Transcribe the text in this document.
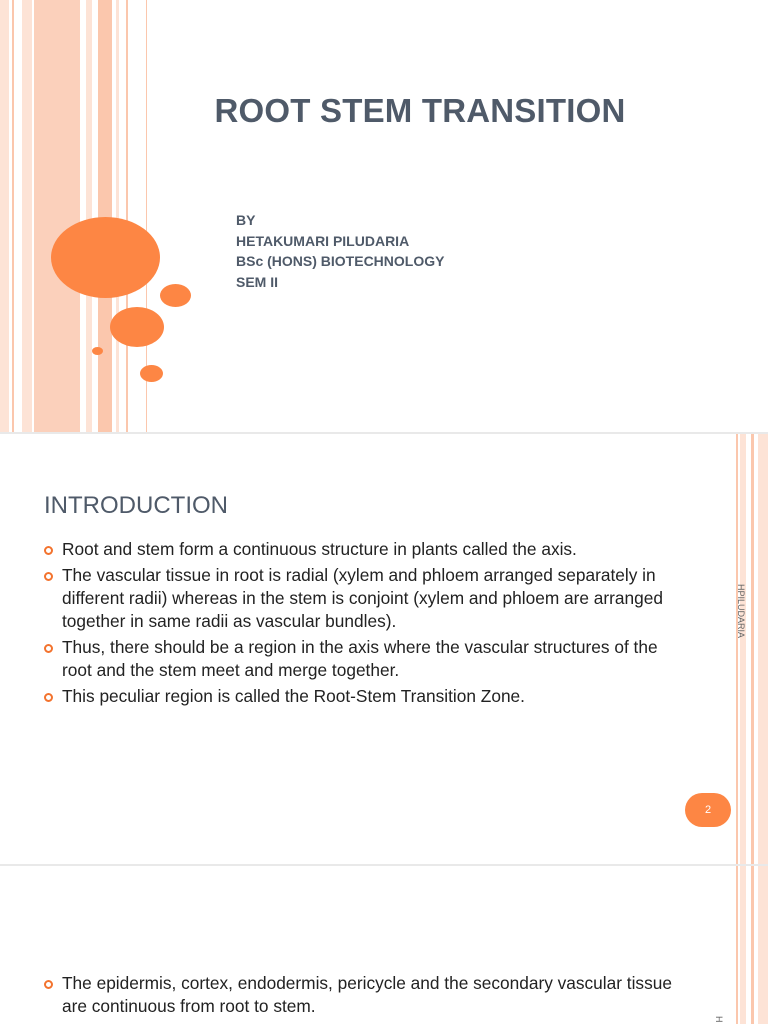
ROOT STEM TRANSITION
BY
HETAKUMARI PILUDARIA
BSc (HONS) BIOTECHNOLOGY
SEM II
INTRODUCTION
Root and stem form a continuous structure in plants called the axis.
The vascular tissue in root is radial (xylem and phloem arranged separately in different radii) whereas in the stem is conjoint (xylem and phloem are arranged together in same radii as vascular bundles).
Thus, there should be a region in the axis where the vascular structures of the root and the stem meet and merge together.
This peculiar region is called the Root-Stem Transition Zone.
HPILUDARIA
2
The epidermis, cortex, endodermis, pericycle and the secondary vascular tissue are continuous from root to stem.
H
